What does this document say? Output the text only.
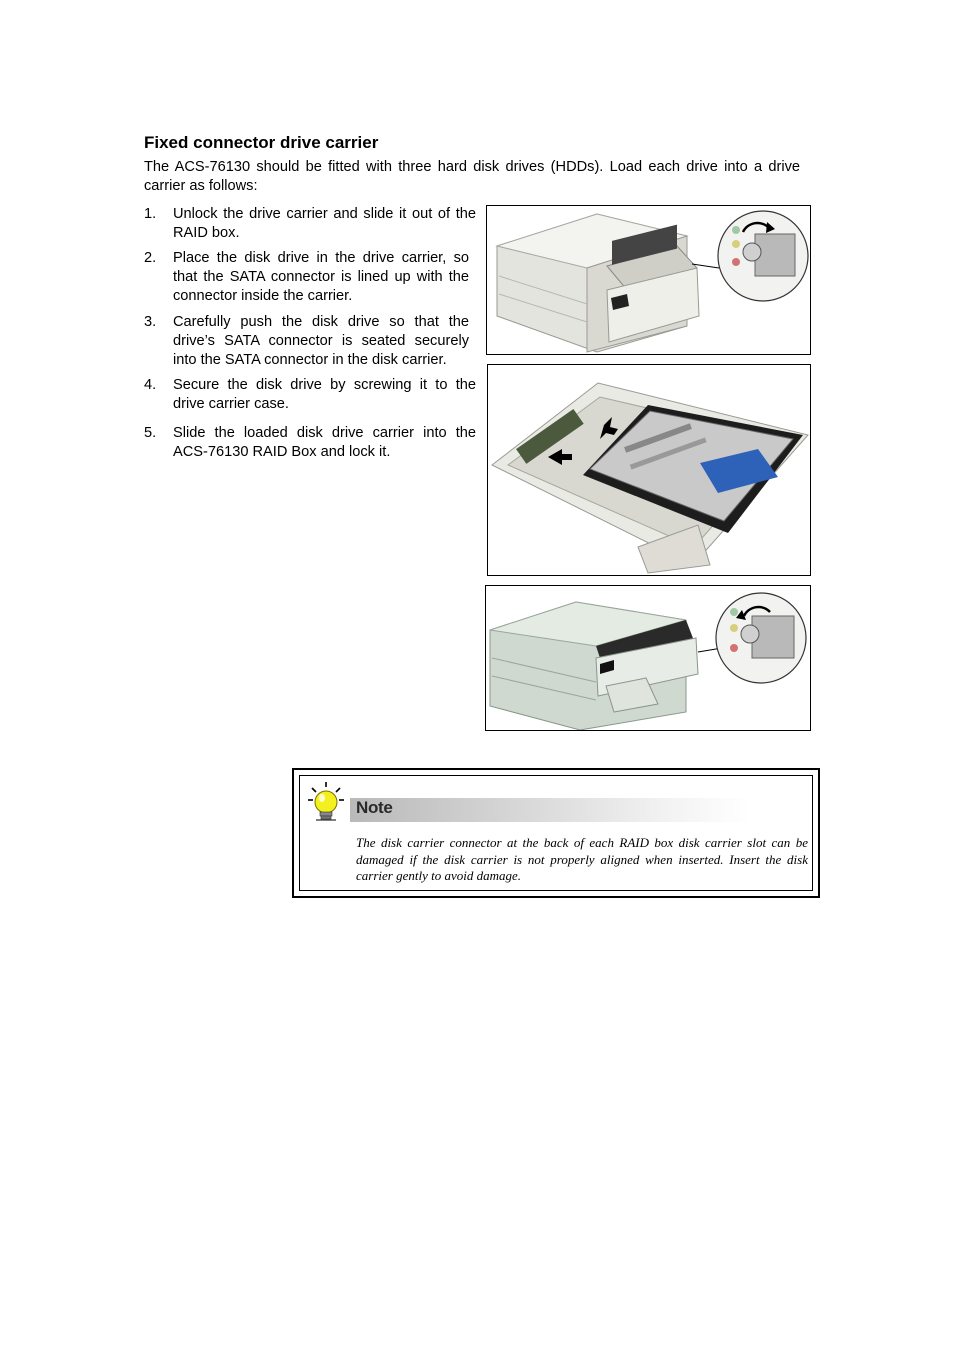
Fixed connector drive carrier

The ACS-76130 should be fitted with three hard disk drives (HDDs). Load each drive into a drive carrier as follows:

1. Unlock the drive carrier and slide it out of the RAID box.
2. Place the disk drive in the drive carrier, so that the SATA connector is lined up with the connector inside the carrier.
3. Carefully push the disk drive so that the drive’s SATA connector is seated securely into the SATA connector in the disk carrier.
4. Secure the disk drive by screwing it to the drive carrier case.
5. Slide the loaded disk drive carrier into the ACS-76130 RAID Box and lock it.
Note

The disk carrier connector at the back of each RAID box disk carrier slot can be damaged if the disk carrier is not properly aligned when inserted. Insert the disk carrier gently to avoid damage.
